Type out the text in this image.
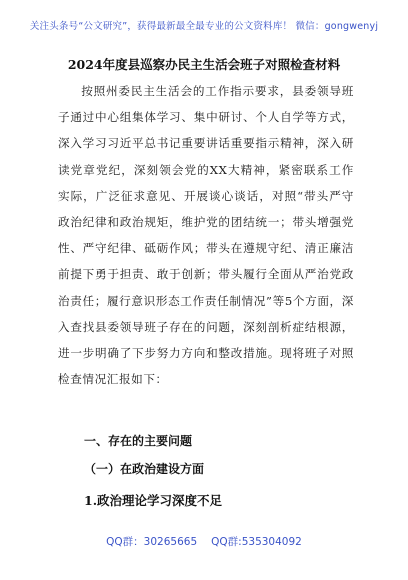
关注头条号“公文研究”，获得最新最全最专业的公文资料库！ 微信：gongwenyj
2024年度县巡察办民主生活会班子对照检查材料

按照州委民主生活会的工作指示要求，县委领导班子通过中心组集体学习、集中研讨、个人自学等方式，深入学习习近平总书记重要讲话重要指示精神，深入研读党章党纪，深刻领会党的XX大精神，紧密联系工作实际，广泛征求意见、开展谈心谈话，对照“带头严守政治纪律和政治规矩，维护党的团结统一；带头增强党性、严守纪律、砥砺作风；带头在遵规守纪、清正廉洁前提下勇于担责、敢于创新；带头履行全面从严治党政治责任；履行意识形态工作责任制情况”等5个方面，深入查找县委领导班子存在的问题，深刻剖析症结根源，进一步明确了下步努力方向和整改措施。现将班子对照检查情况汇报如下：

一、存在的主要问题

（一）在政治建设方面

1.政治理论学习深度不足

QQ群：30265665 QQ群:535304092
